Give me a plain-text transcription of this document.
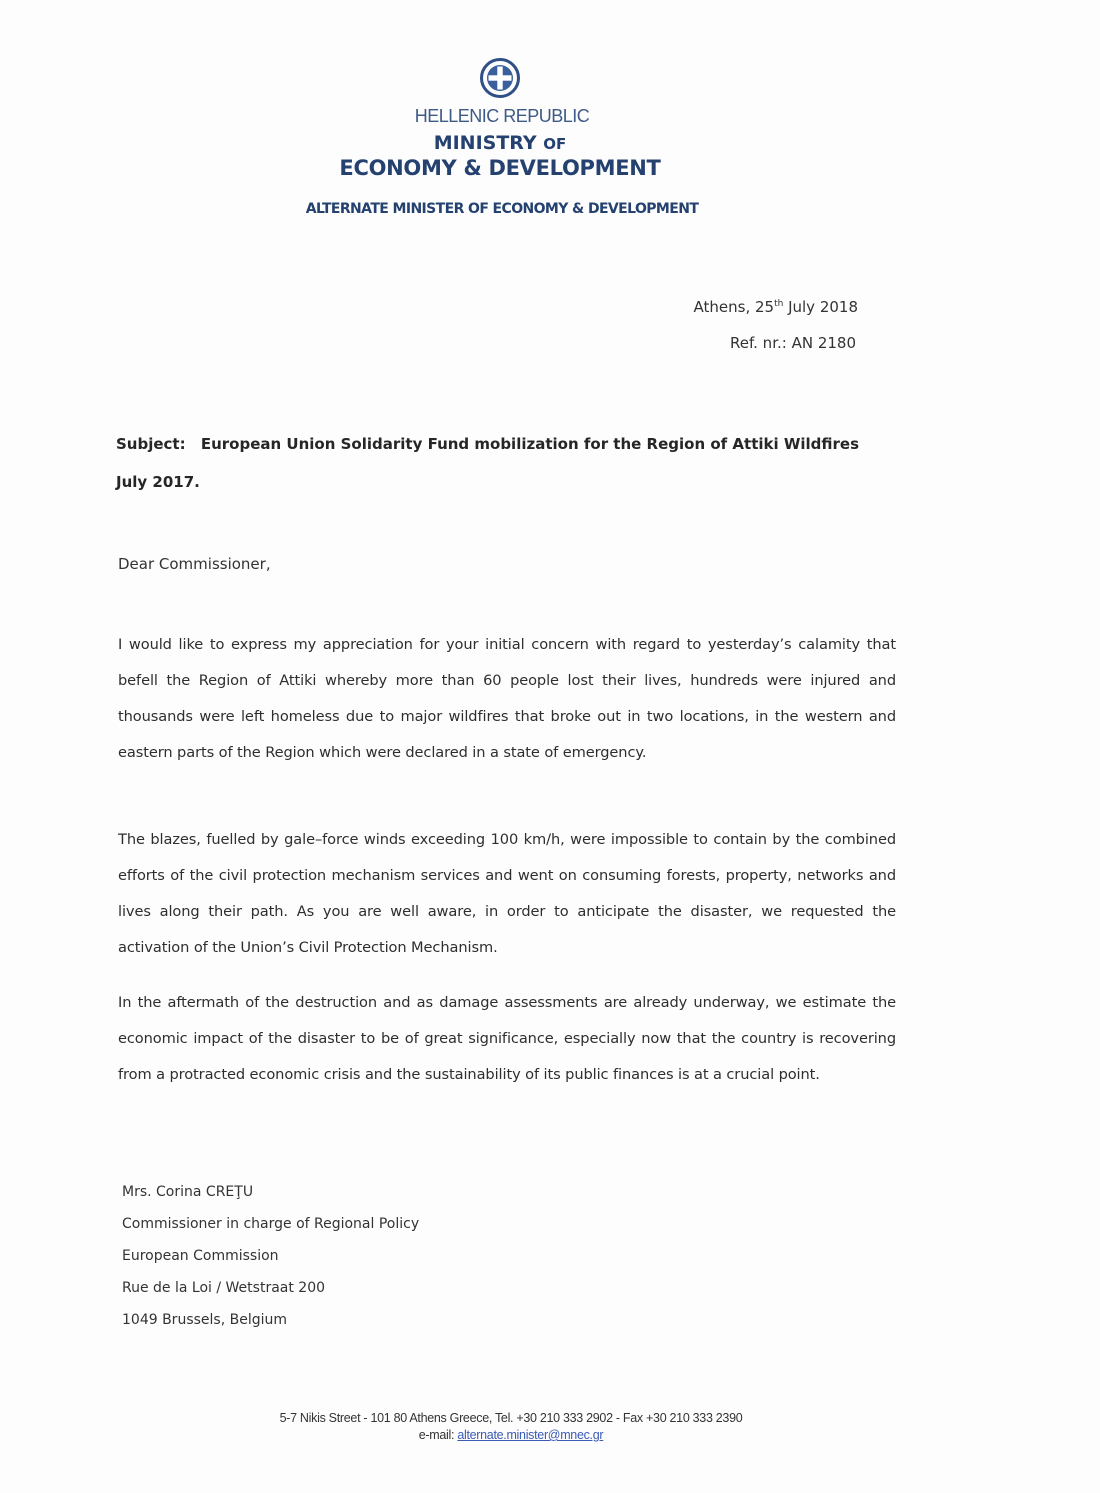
HELLENIC REPUBLIC
MINISTRY OF
ECONOMY & DEVELOPMENT
ALTERNATE MINISTER OF ECONOMY & DEVELOPMENT
Athens, 25th July 2018
Ref. nr.: AN 2180
Subject: European Union Solidarity Fund mobilization for the Region of Attiki Wildfires July 2017.
Dear Commissioner,
I would like to express my appreciation for your initial concern with regard to yesterday’s calamity that befell the Region of Attiki whereby more than 60 people lost their lives, hundreds were injured and thousands were left homeless due to major wildfires that broke out in two locations, in the western and eastern parts of the Region which were declared in a state of emergency.
The blazes, fuelled by gale–force winds exceeding 100 km/h, were impossible to contain by the combined efforts of the civil protection mechanism services and went on consuming forests, property, networks and lives along their path. As you are well aware, in order to anticipate the disaster, we requested the activation of the Union’s Civil Protection Mechanism.
In the aftermath of the destruction and as damage assessments are already underway, we estimate the economic impact of the disaster to be of great significance, especially now that the country is recovering from a protracted economic crisis and the sustainability of its public finances is at a crucial point.
Mrs. Corina CREŢU
Commissioner in charge of Regional Policy
European Commission
Rue de la Loi / Wetstraat 200
1049 Brussels, Belgium
5-7 Nikis Street - 101 80 Athens Greece, Tel. +30 210 333 2902 - Fax +30 210 333 2390
e-mail: alternate.minister@mnec.gr
